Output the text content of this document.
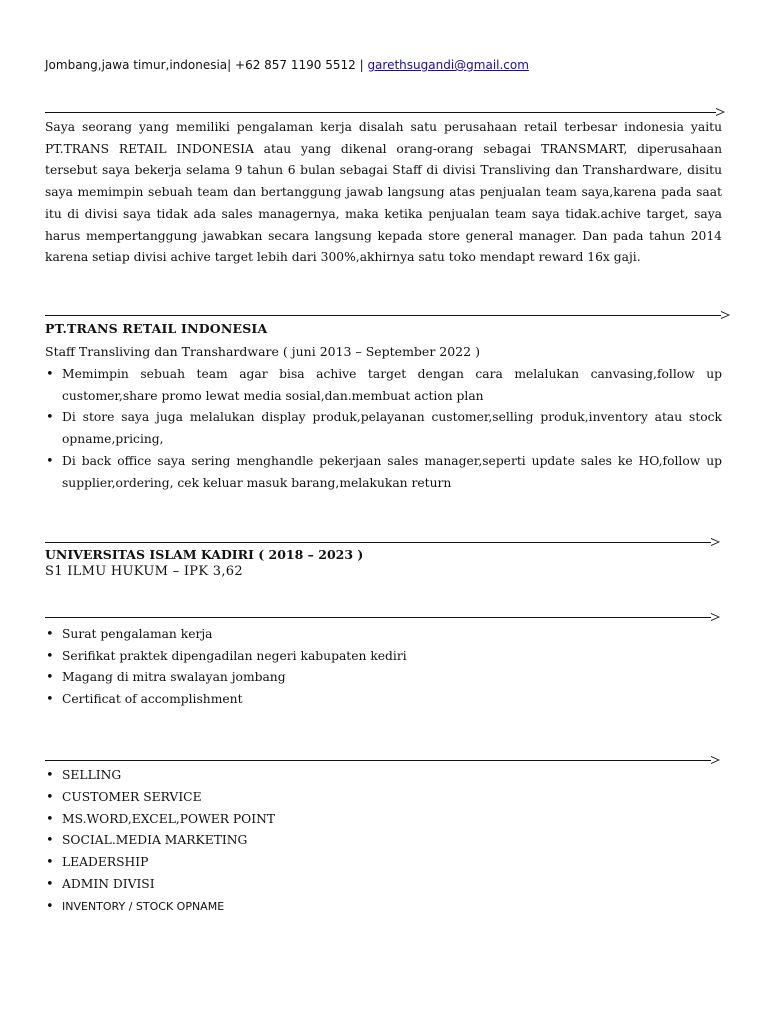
Jombang,jawa timur,indonesia| +62 857 1190 5512 | garethsugandi@gmail.com
Saya seorang yang memiliki pengalaman kerja disalah satu perusahaan retail terbesar indonesia yaitu PT.TRANS RETAIL INDONESIA atau yang dikenal orang-orang sebagai TRANSMART, diperusahaan tersebut saya bekerja selama 9 tahun 6 bulan sebagai Staff di divisi Transliving dan Transhardware, disitu saya memimpin sebuah team dan bertanggung jawab langsung atas penjualan team saya,karena pada saat itu di divisi saya tidak ada sales managernya, maka ketika penjualan team saya tidak.achive target, saya harus mempertanggung jawabkan secara langsung kepada store general manager. Dan pada tahun 2014 karena setiap divisi achive target lebih dari 300%,akhirnya satu toko mendapt reward 16x gaji.
PT.TRANS RETAIL INDONESIA
Staff Transliving dan Transhardware ( juni 2013 – September 2022 )
• Memimpin sebuah team agar bisa achive target dengan cara melalukan canvasing,follow up customer,share promo lewat media sosial,dan.membuat action plan
• Di store saya juga melalukan display produk,pelayanan customer,selling produk,inventory atau stock opname,pricing,
• Di back office saya sering menghandle pekerjaan sales manager,seperti update sales ke HO,follow up supplier,ordering, cek keluar masuk barang,melakukan return
UNIVERSITAS ISLAM KADIRI ( 2018 – 2023 )
S1 ILMU HUKUM – IPK 3,62
• Surat pengalaman kerja
• Serifikat praktek dipengadilan negeri kabupaten kediri
• Magang di mitra swalayan jombang
• Certificat of accomplishment
• SELLING
• CUSTOMER SERVICE
• MS.WORD,EXCEL,POWER POINT
• SOCIAL.MEDIA MARKETING
• LEADERSHIP
• ADMIN DIVISI
• INVENTORY / STOCK OPNAME
